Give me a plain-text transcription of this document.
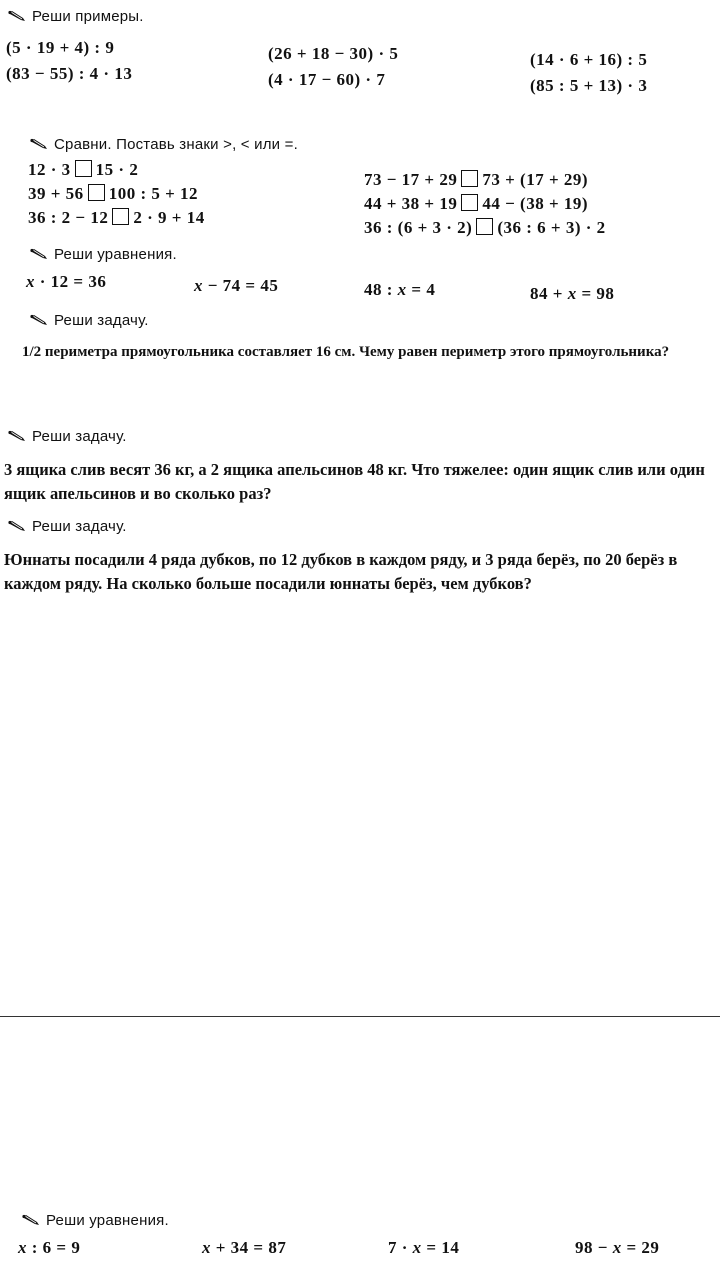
Реши примеры.
(5 · 19 + 4) : 9
(83 − 55) : 4 · 13
(26 + 18 − 30) · 5
(4 · 17 − 60) · 7
(14 · 6 + 16) : 5
(85 : 5 + 13) · 3
Сравни. Поставь знаки >, < или =.
12 · 3 15 · 2
39 + 56 100 : 5 + 12
36 : 2 − 12 2 · 9 + 14
73 − 17 + 29 73 + (17 + 29)
44 + 38 + 19 44 − (38 + 19)
36 : (6 + 3 · 2) (36 : 6 + 3) · 2
Реши уравнения.
x · 12 = 36	x − 74 = 45	48 : x = 4	84 + x = 98
Реши задачу.
1/2 периметра прямоугольника составляет 16 см. Чему равен периметр этого прямоугольника?
Реши задачу.
3 ящика слив весят 36 кг, а 2 ящика апельсинов 48 кг. Что тяжелее: один ящик слив или один ящик апельсинов и во сколько раз?
Реши задачу.
Юннаты посадили 4 ряда дубков, по 12 дубков в каждом ряду, и 3 ряда берёз, по 20 берёз в каждом ряду. На сколько больше посадили юннаты берёз, чем дубков?
Реши уравнения.
x : 6 = 9	x + 34 = 87	7 · x = 14	98 − x = 29
